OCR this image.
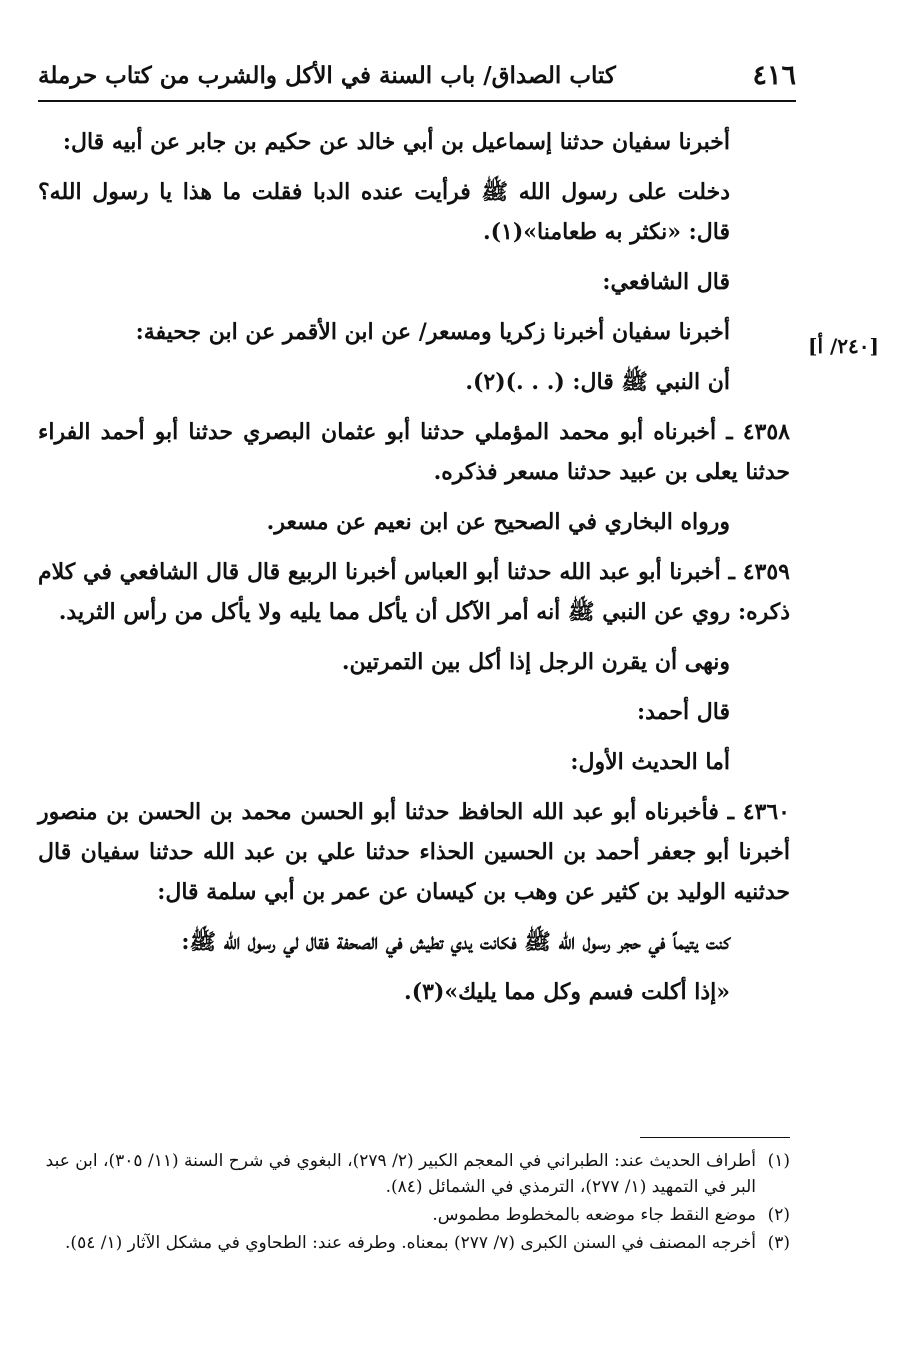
٤١٦
كتاب الصداق/ باب السنة في الأكل والشرب من كتاب حرملة
[٢٤٠/ أ]

أخبرنا سفيان حدثنا إسماعيل بن أبي خالد عن حكيم بن جابر عن أبيه قال:

دخلت على رسول الله ﷺ فرأيت عنده الدبا فقلت ما هذا يا رسول الله؟ قال: «نكثر به طعامنا»(١).

قال الشافعي:

أخبرنا سفيان أخبرنا زكريا ومسعر/ عن ابن الأقمر عن ابن جحيفة:

أن النبي ﷺ قال: (. . .)(٢).

٤٣٥٨ ـ أخبرناه أبو محمد المؤملي حدثنا أبو عثمان البصري حدثنا أبو أحمد الفراء حدثنا يعلى بن عبيد حدثنا مسعر فذكره.

ورواه البخاري في الصحيح عن ابن نعيم عن مسعر.

٤٣٥٩ ـ أخبرنا أبو عبد الله حدثنا أبو العباس أخبرنا الربيع قال قال الشافعي في كلام ذكره: روي عن النبي ﷺ أنه أمر الآكل أن يأكل مما يليه ولا يأكل من رأس الثريد.

ونهى أن يقرن الرجل إذا أكل بين التمرتين.

قال أحمد:

أما الحديث الأول:

٤٣٦٠ ـ فأخبرناه أبو عبد الله الحافظ حدثنا أبو الحسن محمد بن الحسن بن منصور أخبرنا أبو جعفر أحمد بن الحسين الحذاء حدثنا علي بن عبد الله حدثنا سفيان قال حدثنيه الوليد بن كثير عن وهب بن كيسان عن عمر بن أبي سلمة قال:

كنت يتيماً في حجر رسول الله ﷺ فكانت يدي تطيش في الصحفة فقال لي رسول الله ﷺ:

«إذا أكلت فسم وكل مما يليك»(٣).

(١)
أطراف الحديث عند: الطبراني في المعجم الكبير (٢/ ٢٧٩)، البغوي في شرح السنة (١١/ ٣٠٥)، ابن عبد البر في التمهيد (١/ ٢٧٧)، الترمذي في الشمائل (٨٤).

(٢)
موضع النقط جاء موضعه بالمخطوط مطموس.

(٣)
أخرجه المصنف في السنن الكبرى (٧/ ٢٧٧) بمعناه. وطرفه عند: الطحاوي في مشكل الآثار (١/ ٥٤).
